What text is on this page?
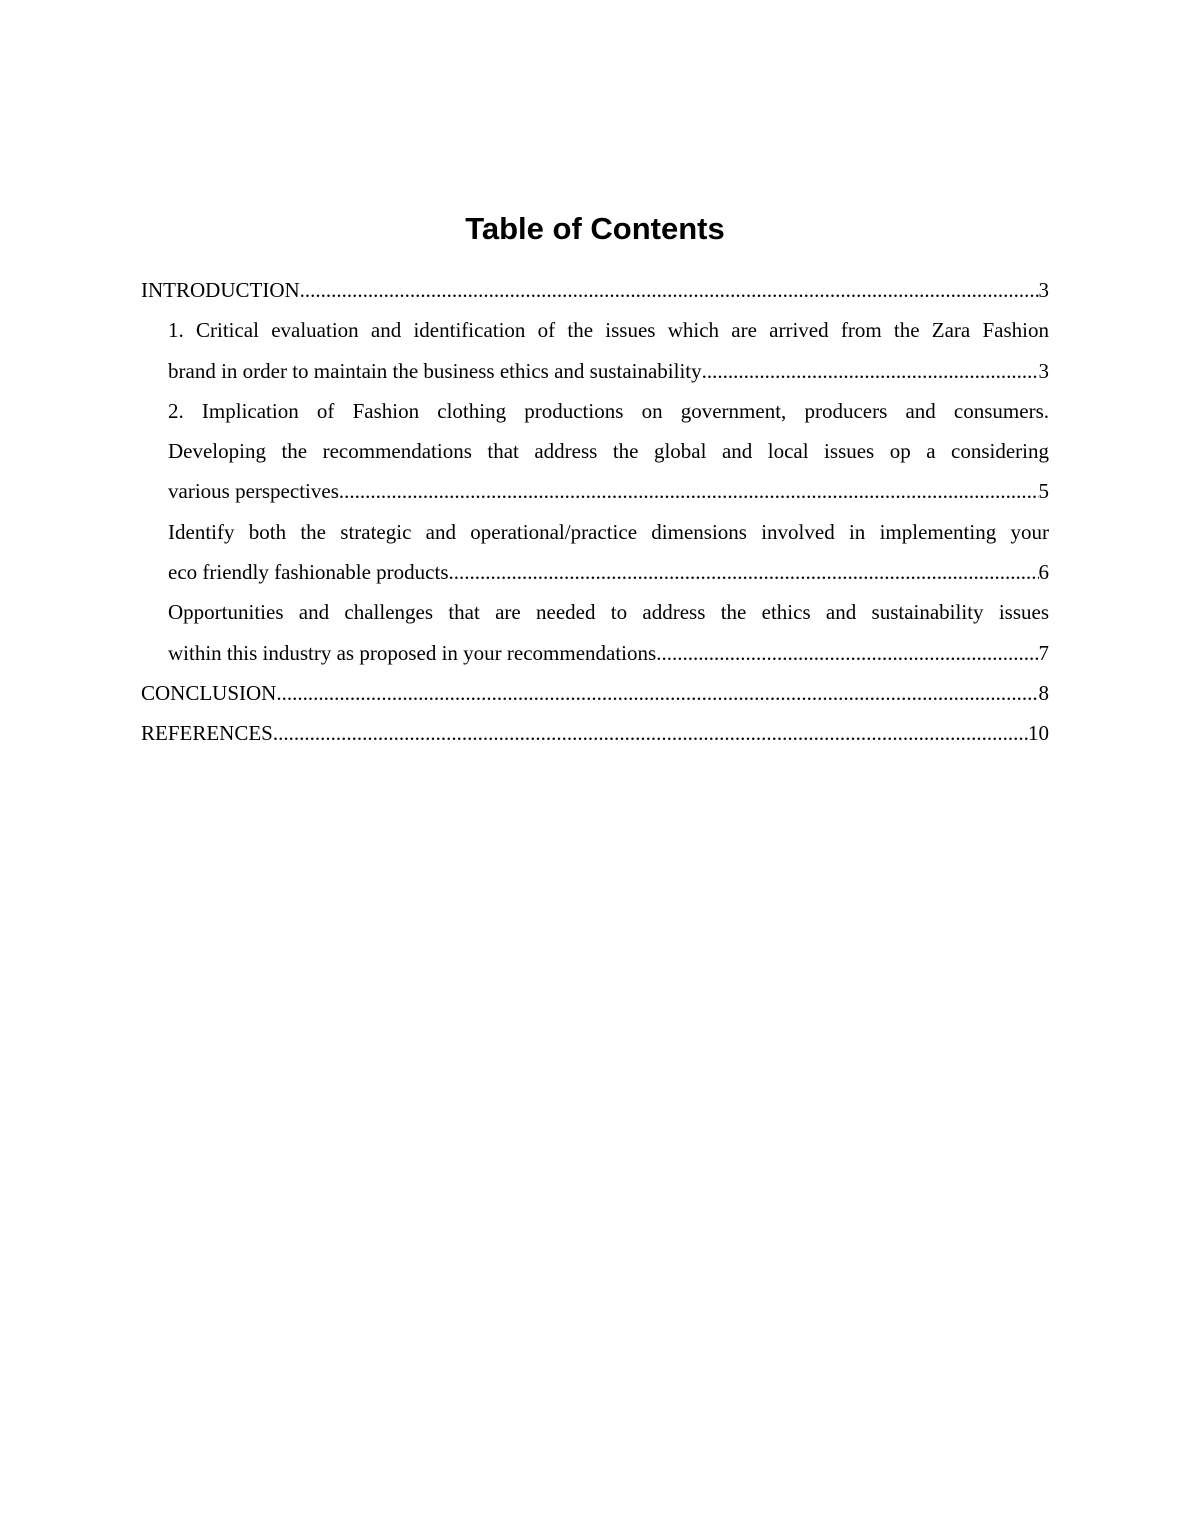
Table of Contents
INTRODUCTION .....	3
1. Critical evaluation and identification of the issues which are arrived from the Zara Fashion
brand in order to maintain the business ethics and sustainability .....	3
2. Implication of Fashion clothing productions on government, producers and consumers.
Developing the recommendations that address the global and local issues op a considering
various perspectives .....	5
Identify both the strategic and operational/practice dimensions involved in implementing your
eco friendly fashionable products .....	6
Opportunities and challenges that are needed to address the ethics and sustainability issues
within this industry as proposed in your recommendations .....	7
CONCLUSION .....	8
REFERENCES .....	10
